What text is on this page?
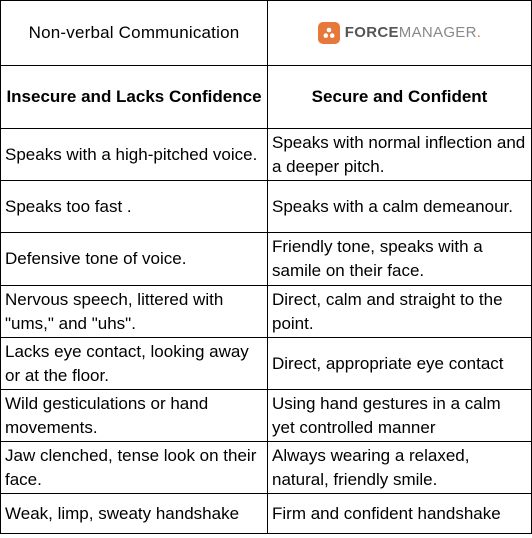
Non-verbal Communication	FORCEMANAGER.

Insecure and Lacks Confidence	Secure and Confident
Speaks with a high-pitched voice.	Speaks with normal inflection and a deeper pitch.
Speaks too fast .	Speaks with a calm demeanour.
Defensive tone of voice.	Friendly tone, speaks with a samile on their face.
Nervous speech, littered with "ums," and "uhs".	Direct, calm and straight to the point.
Lacks eye contact, looking away or at the floor.	Direct, appropriate eye contact
Wild gesticulations or hand movements.	Using hand gestures in a calm yet controlled manner
Jaw clenched, tense look on their face.	Always wearing a relaxed, natural, friendly smile.
Weak, limp, sweaty handshake	Firm and confident handshake
